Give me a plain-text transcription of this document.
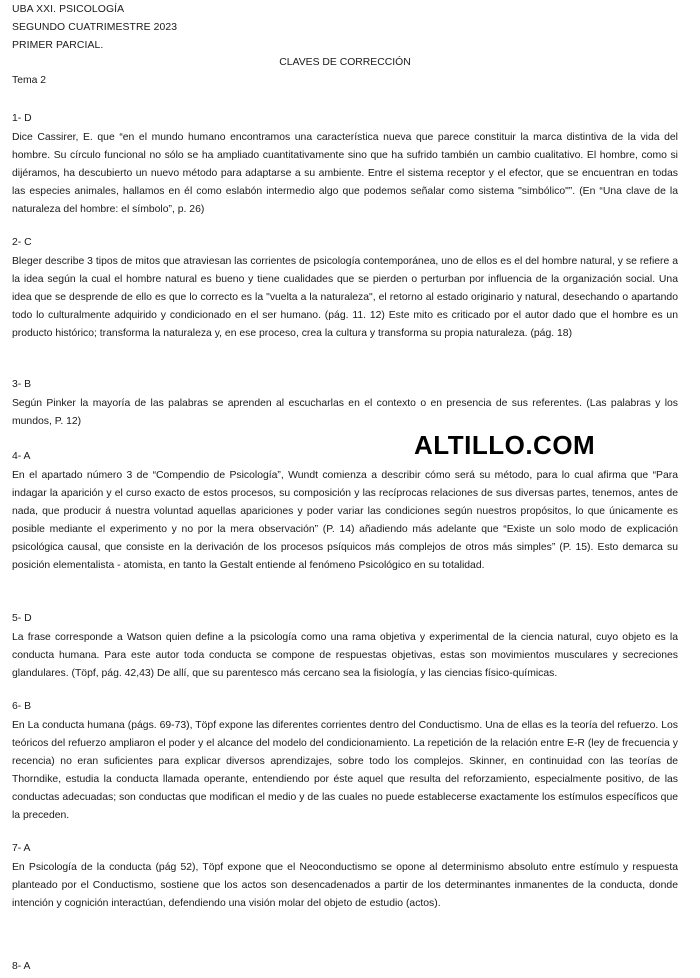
UBA XXI. PSICOLOGÍA
SEGUNDO CUATRIMESTRE 2023
PRIMER PARCIAL.
CLAVES DE CORRECCIÓN
Tema 2
1- D
Dice Cassirer, E. que “en el mundo humano encontramos una característica nueva que parece constituir la marca distintiva de la vida del hombre. Su círculo funcional no sólo se ha ampliado cuantitativamente sino que ha sufrido también un cambio cualitativo. El hombre, como si dijéramos, ha descubierto un nuevo método para adaptarse a su ambiente. Entre el sistema receptor y el efector, que se encuentran en todas las especies animales, hallamos en él como eslabón intermedio algo que podemos señalar como sistema "simbólico"”. (En “Una clave de la naturaleza del hombre: el símbolo”, p. 26)
2- C
Bleger describe 3 tipos de mitos que atraviesan las corrientes de psicología contemporánea, uno de ellos es el del hombre natural, y se refiere a la idea según la cual el hombre natural es bueno y tiene cualidades que se pierden o perturban por influencia de la organización social. Una idea que se desprende de ello es que lo correcto es la "vuelta a la naturaleza", el retorno al estado originario y natural, desechando o apartando todo lo culturalmente adquirido y condicionado en el ser humano. (pág. 11. 12) Este mito es criticado por el autor dado que el hombre es un producto histórico; transforma la naturaleza y, en ese proceso, crea la cultura y transforma su propia naturaleza. (pág. 18)
3- B
Según Pinker la mayoría de las palabras se aprenden al escucharlas en el contexto o en presencia de sus referentes. (Las palabras y los mundos, P. 12)
4- A
En el apartado número 3 de “Compendio de Psicología”, Wundt comienza a describir cómo será su método, para lo cual afirma que “Para indagar la aparición y el curso exacto de estos procesos, su composición y las recíprocas relaciones de sus diversas partes, tenemos, antes de nada, que producir á nuestra voluntad aquellas apariciones y poder variar las condiciones según nuestros propósitos, lo que únicamente es posible mediante el experimento y no por la mera observación” (P. 14) añadiendo más adelante que “Existe un solo modo de explicación psicológica causal, que consiste en la derivación de los procesos psíquicos más complejos de otros más simples” (P. 15). Esto demarca su posición elementalista - atomista, en tanto la Gestalt entiende al fenómeno Psicológico en su totalidad.
5- D
La frase corresponde a Watson quien define a la psicología como una rama objetiva y experimental de la ciencia natural, cuyo objeto es la conducta humana. Para este autor toda conducta se compone de respuestas objetivas, estas son movimientos musculares y secreciones glandulares. (Töpf, pág. 42,43) De allí, que su parentesco más cercano sea la fisiología, y las ciencias físico-químicas.
6- B
En La conducta humana (págs. 69-73), Töpf expone las diferentes corrientes dentro del Conductismo. Una de ellas es la teoría del refuerzo. Los teóricos del refuerzo ampliaron el poder y el alcance del modelo del condicionamiento. La repetición de la relación entre E-R (ley de frecuencia y recencia) no eran suficientes para explicar diversos aprendizajes, sobre todo los complejos. Skinner, en continuidad con las teorías de Thorndike, estudia la conducta llamada operante, entendiendo por éste aquel que resulta del reforzamiento, especialmente positivo, de las conductas adecuadas; son conductas que modifican el medio y de las cuales no puede establecerse exactamente los estímulos específicos que la preceden.
7- A
En Psicología de la conducta (pág 52), Töpf expone que el Neoconductismo se opone al determinismo absoluto entre estímulo y respuesta planteado por el Conductismo, sostiene que los actos son desencadenados a partir de los determinantes inmanentes de la conducta, donde intención y cognición interactúan, defendiendo una visión molar del objeto de estudio (actos).
8- A
ALTILLO.COM
